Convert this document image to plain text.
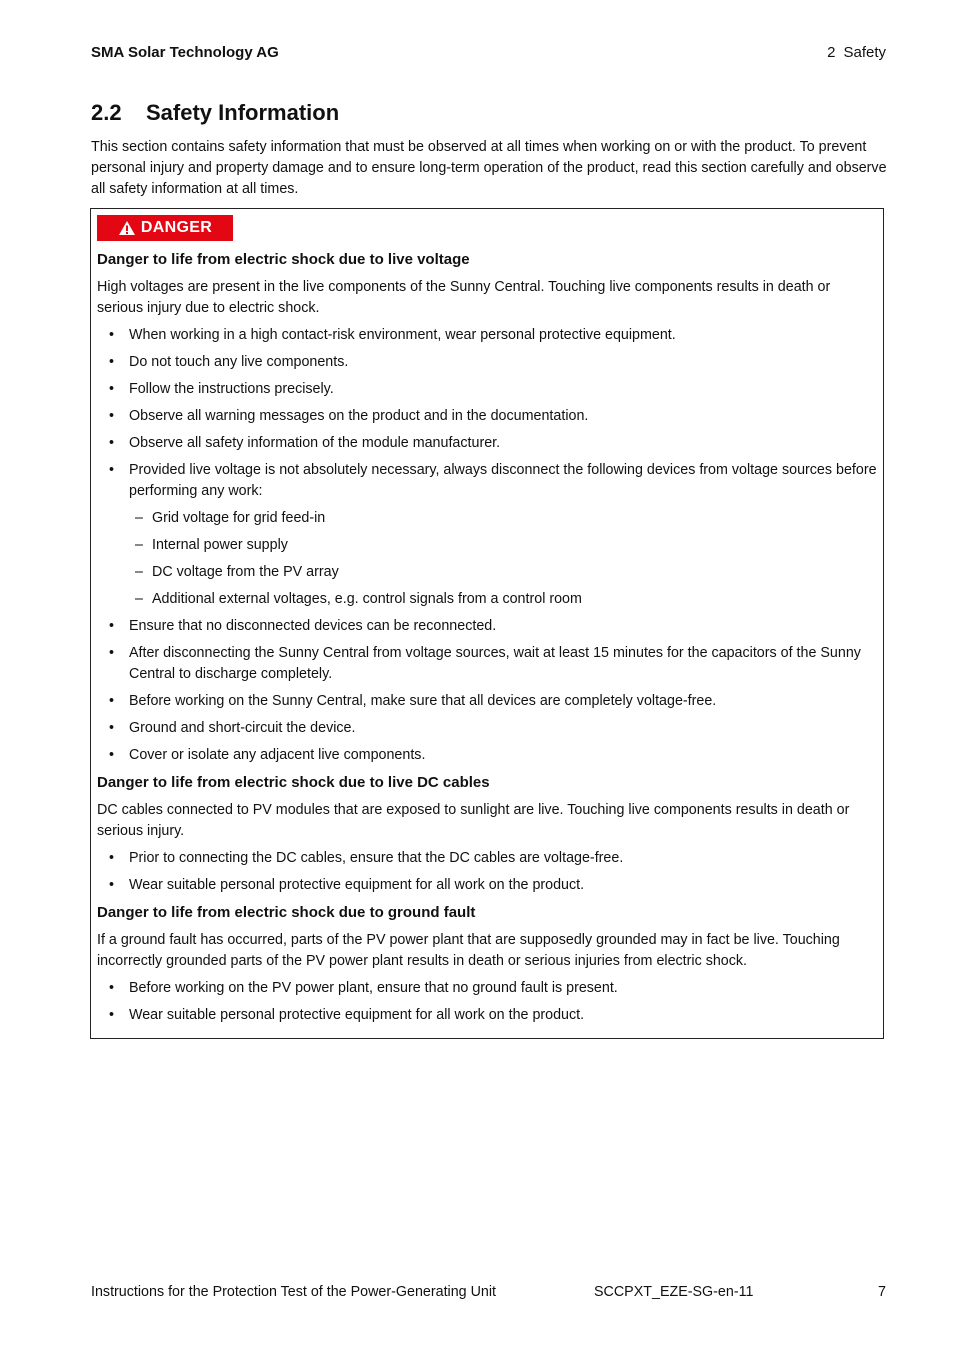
SMA Solar Technology AG	2 Safety
2.2 Safety Information

This section contains safety information that must be observed at all times when working on or with the product. To prevent personal injury and property damage and to ensure long-term operation of the product, read this section carefully and observe all safety information at all times.

DANGER
Danger to life from electric shock due to live voltage

High voltages are present in the live components of the Sunny Central. Touching live components results in death or serious injury due to electric shock.

• When working in a high contact-risk environment, wear personal protective equipment.
• Do not touch any live components.
• Follow the instructions precisely.
• Observe all warning messages on the product and in the documentation.
• Observe all safety information of the module manufacturer.
• Provided live voltage is not absolutely necessary, always disconnect the following devices from voltage sources before performing any work:
– Grid voltage for grid feed-in
– Internal power supply
– DC voltage from the PV array
– Additional external voltages, e.g. control signals from a control room
• Ensure that no disconnected devices can be reconnected.
• After disconnecting the Sunny Central from voltage sources, wait at least 15 minutes for the capacitors of the Sunny Central to discharge completely.
• Before working on the Sunny Central, make sure that all devices are completely voltage-free.
• Ground and short-circuit the device.
• Cover or isolate any adjacent live components.
Danger to life from electric shock due to live DC cables

DC cables connected to PV modules that are exposed to sunlight are live. Touching live components results in death or serious injury.

• Prior to connecting the DC cables, ensure that the DC cables are voltage-free.
• Wear suitable personal protective equipment for all work on the product.
Danger to life from electric shock due to ground fault

If a ground fault has occurred, parts of the PV power plant that are supposedly grounded may in fact be live. Touching incorrectly grounded parts of the PV power plant results in death or serious injuries from electric shock.

• Before working on the PV power plant, ensure that no ground fault is present.
• Wear suitable personal protective equipment for all work on the product.
Instructions for the Protection Test of the Power-Generating Unit	SCCPXT_EZE-SG-en-11	7
